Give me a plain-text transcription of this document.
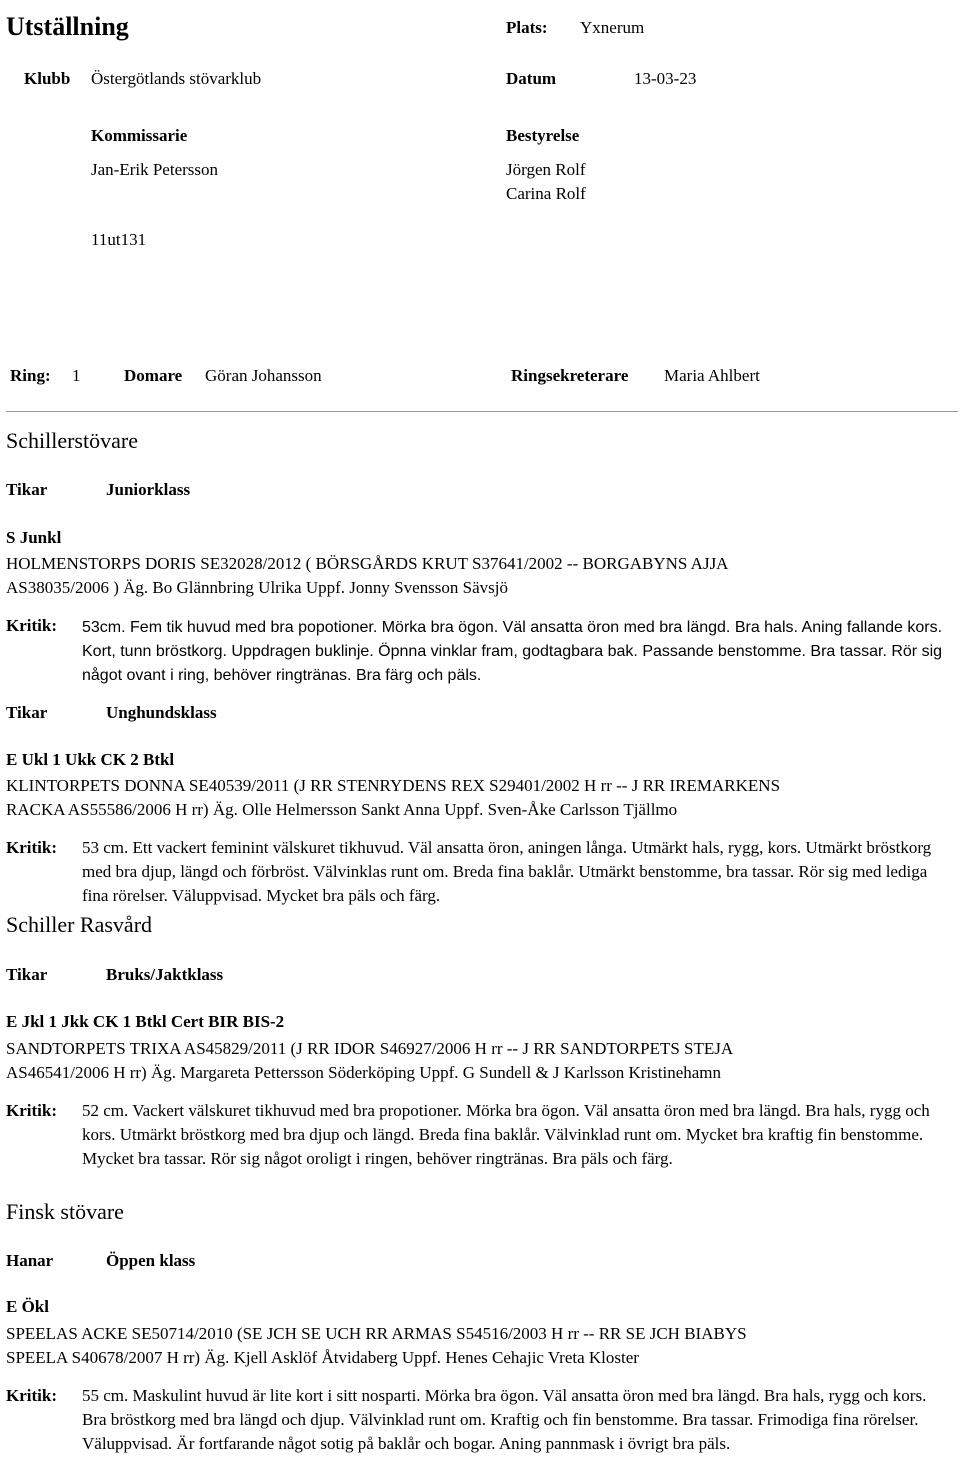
Utställning	Plats: Yxnerum
Klubb Östergötlands stövarklub	Datum	13-03-23
Kommissarie
Jan-Erik Petersson
Bestyrelse
Jörgen Rolf
Carina Rolf
11ut131
Ring: 1	Domare Göran Johansson	Ringsekreterare Maria Ahlbert
Schillerstövare
Tikar	Juniorklass
S Junkl
HOLMENSTORPS DORIS SE32028/2012 ( BÖRSGÅRDS KRUT S37641/2002 -- BORGABYNS AJJA
AS38035/2006 ) Äg. Bo Glännbring Ulrika Uppf. Jonny Svensson Sävsjö
Kritik: 53cm. Fem tik huvud med bra popotioner. Mörka bra ögon. Väl ansatta öron med bra längd. Bra hals. Aning fallande kors. Kort, tunn bröstkorg. Uppdragen buklinje. Öpnna vinklar fram, godtagbara bak. Passande benstomme. Bra tassar. Rör sig något ovant i ring, behöver ringtränas. Bra färg och päls.
Tikar	Unghundsklass
E Ukl 1 Ukk CK 2 Btkl
KLINTORPETS DONNA SE40539/2011 (J RR STENRYDENS REX S29401/2002 H rr -- J RR IREMARKENS
RACKA AS55586/2006 H rr) Äg. Olle Helmersson Sankt Anna Uppf. Sven-Åke Carlsson Tjällmo
Kritik: 53 cm. Ett vackert feminint välskuret tikhuvud. Väl ansatta öron, aningen långa. Utmärkt hals, rygg, kors. Utmärkt bröstkorg med bra djup, längd och förbröst. Välvinklas runt om. Breda fina baklår. Utmärkt benstomme, bra tassar. Rör sig med lediga fina rörelser. Väluppvisad. Mycket bra päls och färg.
Schiller Rasvård
Tikar	Bruks/Jaktklass
E Jkl 1 Jkk CK 1 Btkl Cert BIR BIS-2
SANDTORPETS TRIXA AS45829/2011 (J RR IDOR S46927/2006 H rr -- J RR SANDTORPETS STEJA
AS46541/2006 H rr) Äg. Margareta Pettersson Söderköping Uppf. G Sundell & J Karlsson Kristinehamn
Kritik: 52 cm. Vackert välskuret tikhuvud med bra propotioner. Mörka bra ögon. Väl ansatta öron med bra längd. Bra hals, rygg och kors. Utmärkt bröstkorg med bra djup och längd. Breda fina baklår. Välvinklad runt om. Mycket bra kraftig fin benstomme. Mycket bra tassar. Rör sig något oroligt i ringen, behöver ringtränas. Bra päls och färg.
Finsk stövare
Hanar	Öppen klass
E Ökl
SPEELAS ACKE SE50714/2010 (SE JCH SE UCH RR ARMAS S54516/2003 H rr -- RR SE JCH BIABYS
SPEELA S40678/2007 H rr) Äg. Kjell Asklöf Åtvidaberg Uppf. Henes Cehajic Vreta Kloster
Kritik: 55 cm. Maskulint huvud är lite kort i sitt nosparti. Mörka bra ögon. Väl ansatta öron med bra längd. Bra hals, rygg och kors. Bra bröstkorg med bra längd och djup. Välvinklad runt om. Kraftig och fin benstomme. Bra tassar. Frimodiga fina rörelser. Väluppvisad. Är fortfarande något sotig på baklår och bogar. Aning pannmask i övrigt bra päls.
